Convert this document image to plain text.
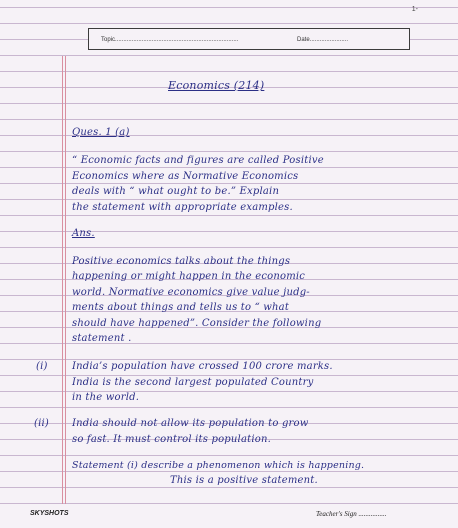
1-
Topic..........................................................................	Date.......................
Economics (214)
Ques. 1 (a)
“ Economic facts and figures are called Positive
Economics where as Normative Economics
deals with “ what ought to be.” Explain
the statement with appropriate examples.
Ans.
Positive economics talks about the things
happening or might happen in the economic
world. Normative economics give value judg-
ments about things and tells us to “ what
should have happened”. Consider the following
statement .
(i) India’s population have crossed 100 crore marks.
India is the second largest populated Country
in the world.
(ii) India should not allow its population to grow
so fast. It must control its population.
Statement (i) describe a phenomenon which is happening.
This is a positive statement.
SKYSHOTS	Teacher's Sign ................
